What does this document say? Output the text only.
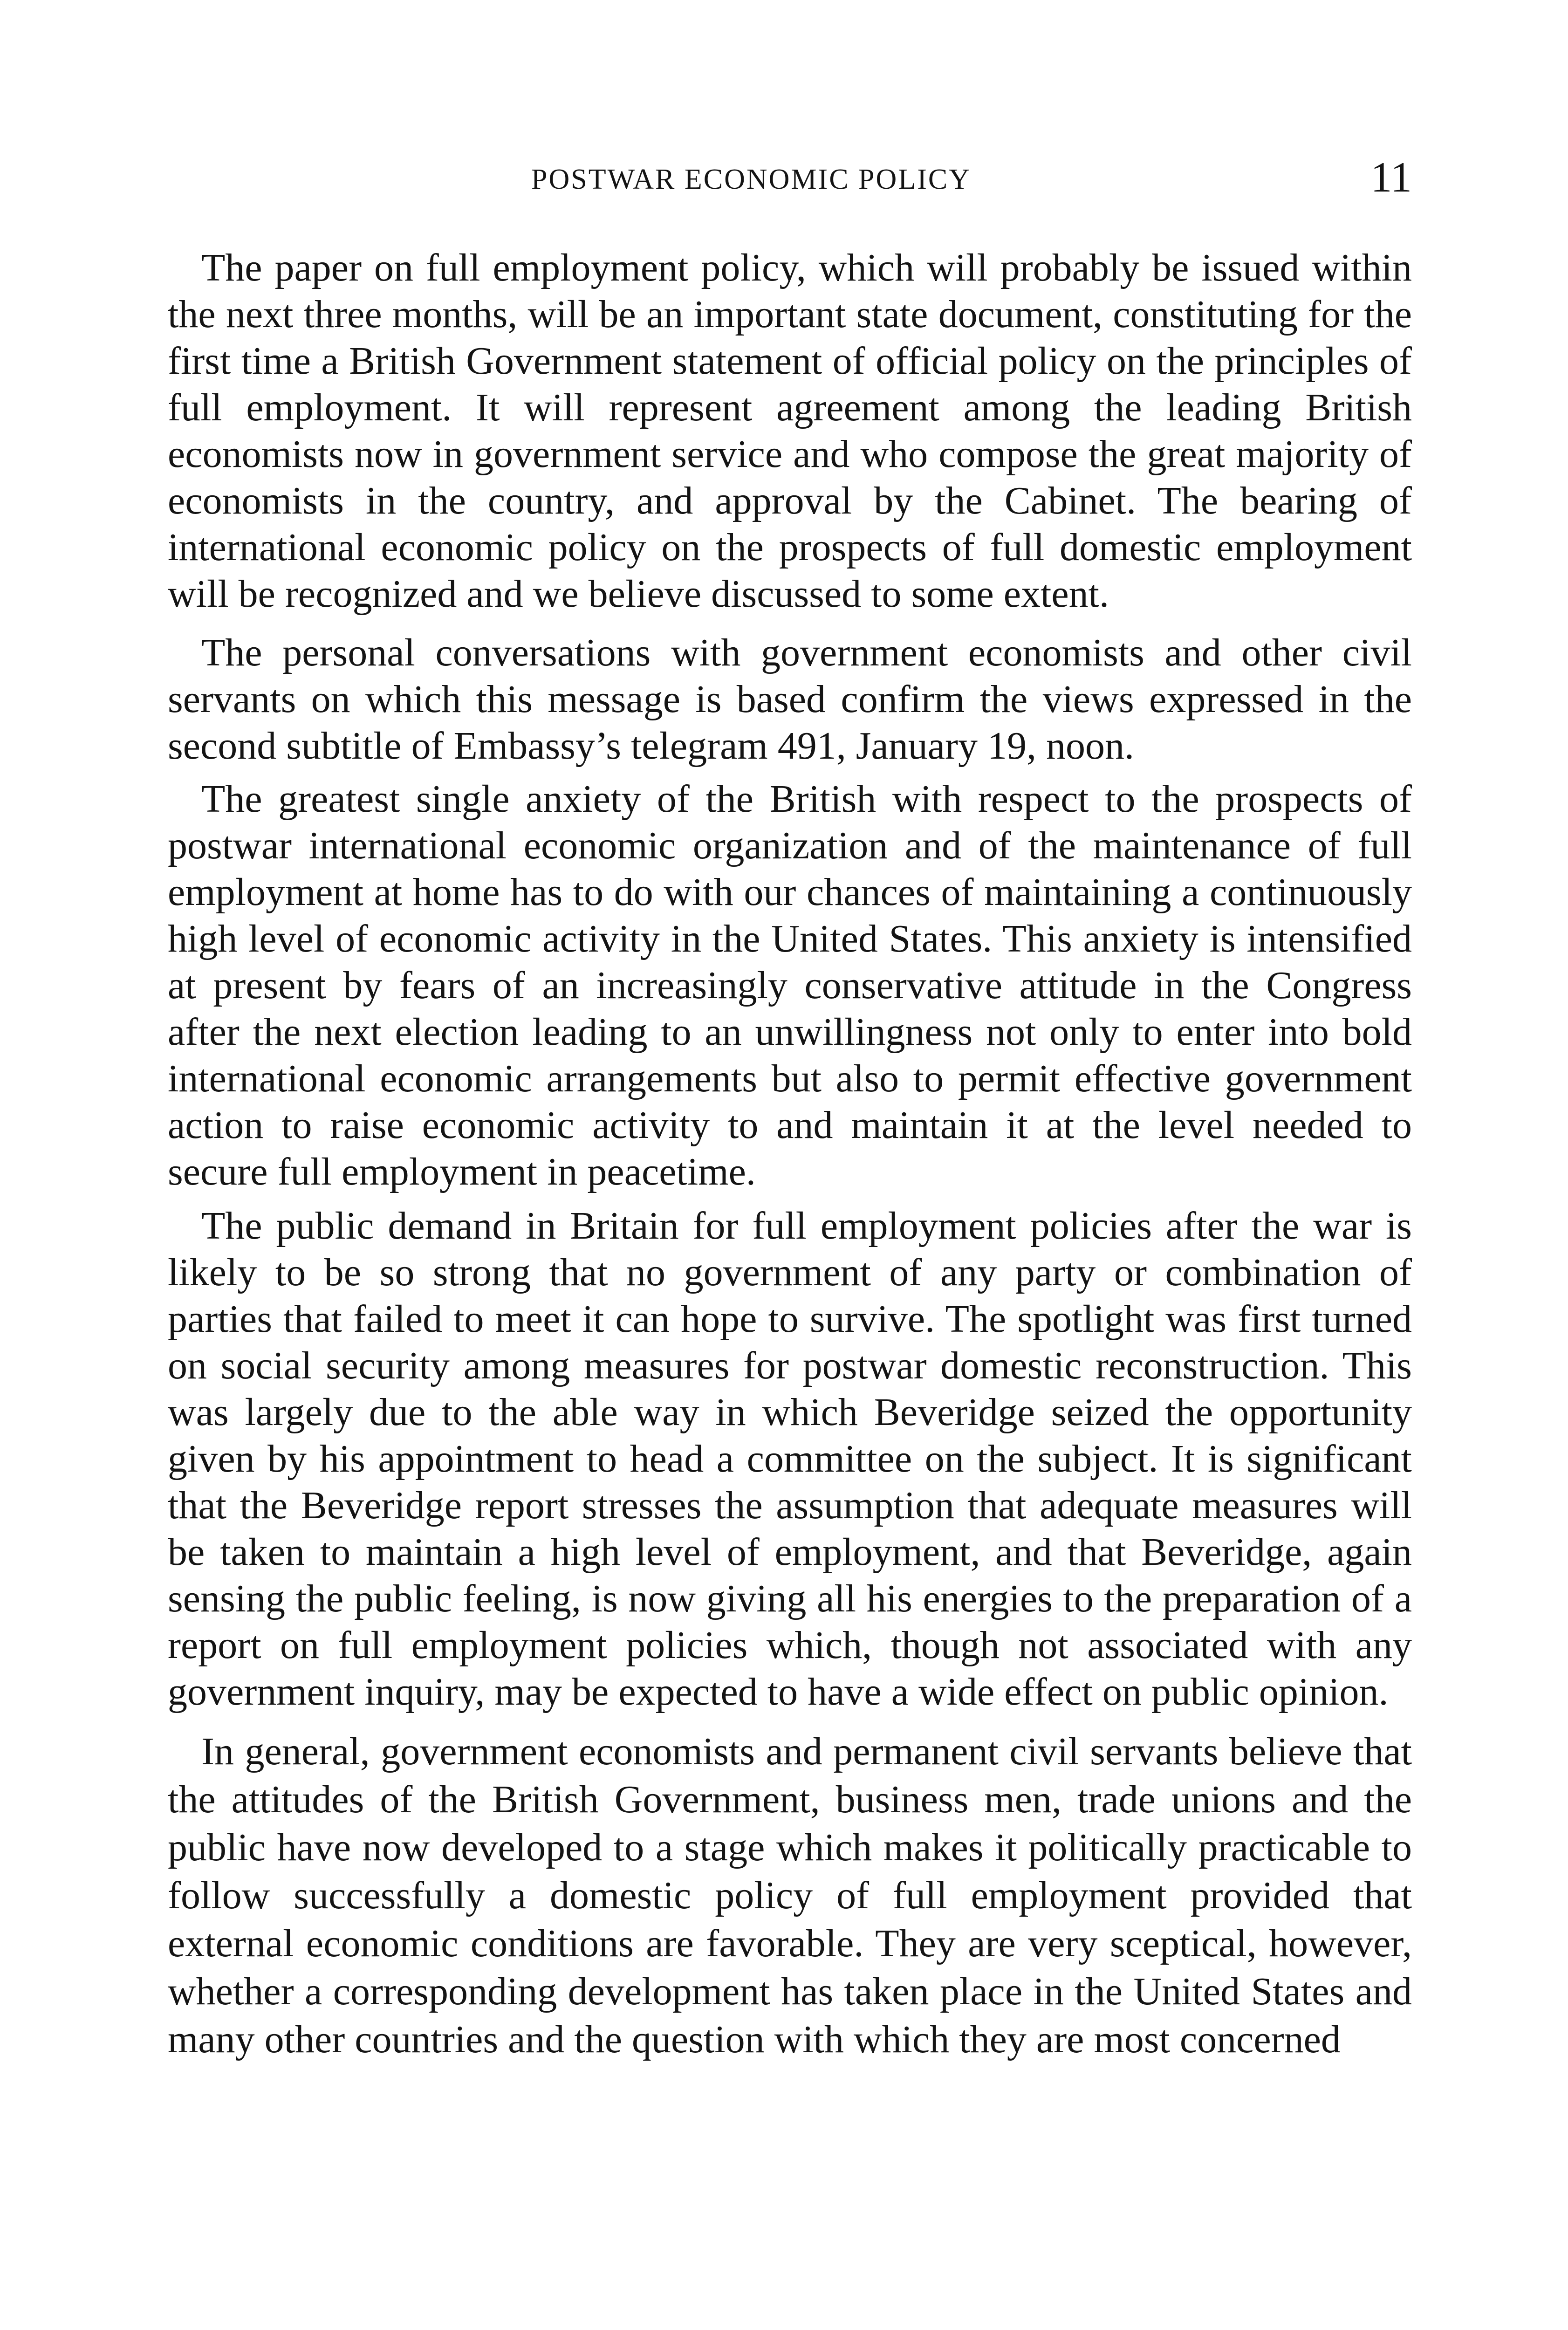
POSTWAR ECONOMIC POLICY	11

The paper on full employment policy, which will probably be issued within the next three months, will be an important state document, constituting for the first time a British Government statement of official policy on the principles of full employment. It will represent agreement among the leading British economists now in government service and who compose the great majority of economists in the country, and approval by the Cabinet. The bearing of international economic policy on the prospects of full domestic employment will be recognized and we believe discussed to some extent.

The personal conversations with government economists and other civil servants on which this message is based confirm the views expressed in the second subtitle of Embassy’s telegram 491, January 19, noon.

The greatest single anxiety of the British with respect to the prospects of postwar international economic organization and of the maintenance of full employment at home has to do with our chances of maintaining a continuously high level of economic activity in the United States. This anxiety is intensified at present by fears of an increasingly conservative attitude in the Congress after the next election leading to an unwillingness not only to enter into bold international economic arrangements but also to permit effective government action to raise economic activity to and maintain it at the level needed to secure full employment in peacetime.

The public demand in Britain for full employment policies after the war is likely to be so strong that no government of any party or combination of parties that failed to meet it can hope to survive. The spotlight was first turned on social security among measures for postwar domestic reconstruction. This was largely due to the able way in which Beveridge seized the opportunity given by his appointment to head a committee on the subject. It is significant that the Beveridge report stresses the assumption that adequate measures will be taken to maintain a high level of employment, and that Beveridge, again sensing the public feeling, is now giving all his energies to the preparation of a report on full employment policies which, though not associated with any government inquiry, may be expected to have a wide effect on public opinion.

In general, government economists and permanent civil servants believe that the attitudes of the British Government, business men, trade unions and the public have now developed to a stage which makes it politically practicable to follow successfully a domestic policy of full employment provided that external economic conditions are favorable. They are very sceptical, however, whether a corresponding development has taken place in the United States and many other countries and the question with which they are most concerned
